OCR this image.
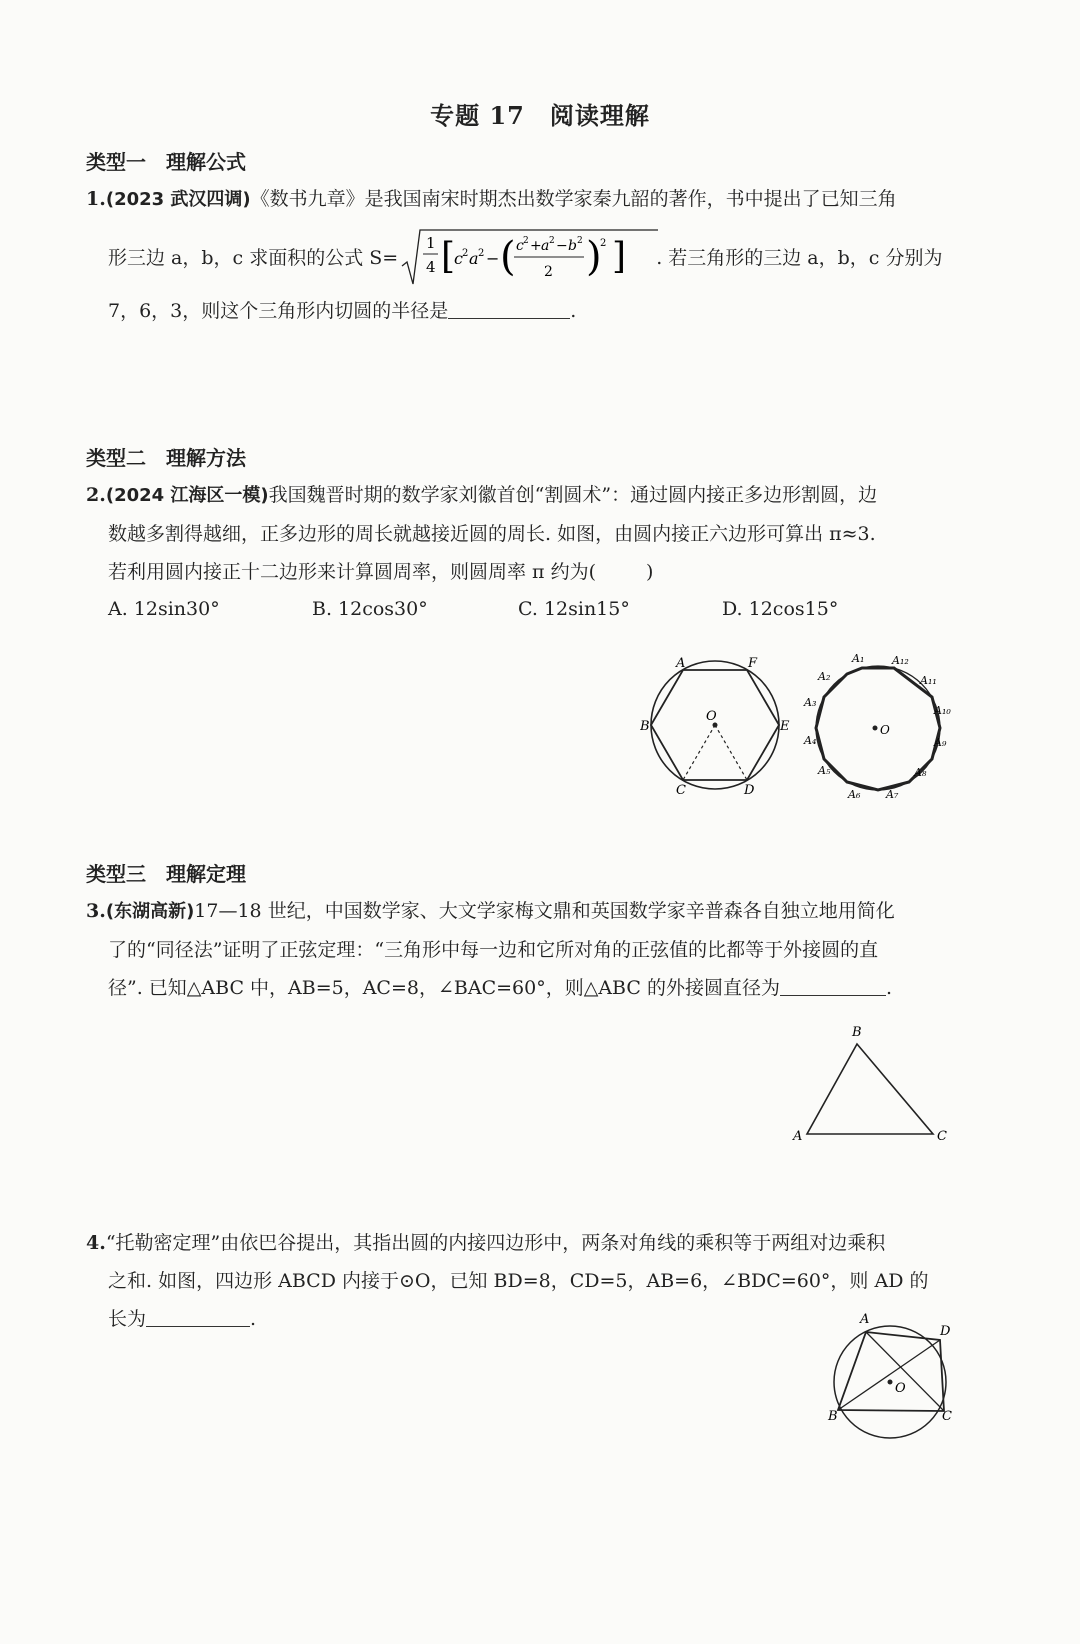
专题 17　阅读理解
类型一　理解公式
1.(2023 武汉四调)《数书九章》是我国南宋时期杰出数学家秦九韶的著作，书中提出了已知三角
形三边 a，b，c 求面积的公式 S=	. 若三角形的三边 a，b，c 分别为
1
4 [
c 2 a 2 − ( c 2 + a 2 − b 2
2 )
2 ]
7，6，3，则这个三角形内切圆的半径是	.
类型二　理解方法
2.(2024 江海区一模)我国魏晋时期的数学家刘徽首创“割圆术”：通过圆内接正多边形割圆，边
数越多割得越细，正多边形的周长就越接近圆的周长. 如图，由圆内接正六边形可算出 π≈3.
若利用圆内接正十二边形来计算圆周率，则圆周率 π 约为(	)
A. 12sin30°	B. 12cos30°	C. 12sin15°	D. 12cos15°
A	F
B
O
E
C	D
A₁	A₁₂
A₂	A₁₁
A₃
A₁₀
O
A₄	A₉
A₅	A₈
A₆ A₇
类型三　理解定理
3.(东湖高新)17—18 世纪，中国数学家、大文学家梅文鼎和英国数学家辛普森各自独立地用简化
了的“同径法”证明了正弦定理：“三角形中每一边和它所对角的正弦值的比都等于外接圆的直
径”. 已知△ABC 中，AB=5，AC=8，∠BAC=60°，则△ABC 的外接圆直径为	.
B
A	C
4.“托勒密定理”由依巴谷提出，其指出圆的内接四边形中，两条对角线的乘积等于两组对边乘积
之和. 如图，四边形 ABCD 内接于⊙O，已知 BD=8，CD=5，AB=6，∠BDC=60°，则 AD 的
长为	.	A
D
O
B	C
